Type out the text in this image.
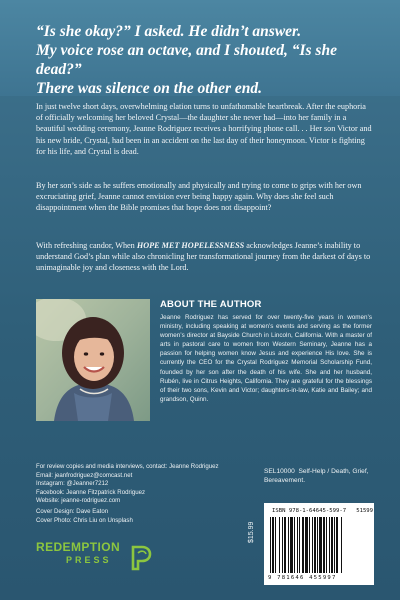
“Is she okay?” I asked. He didn’t answer.

My voice rose an octave, and I shouted, “Is she dead?”

There was silence on the other end.

In just twelve short days, overwhelming elation turns to unfathomable heartbreak. After the euphoria of officially welcoming her beloved Crystal—the daughter she never had—into her family in a beautiful wedding ceremony, Jeanne Rodriguez receives a horrifying phone call. . . Her son Victor and his new bride, Crystal, had been in an accident on the last day of their honeymoon. Victor is fighting for his life, and Crystal is dead.

By her son’s side as he suffers emotionally and physically and trying to come to grips with her own excruciating grief, Jeanne cannot envision ever being happy again. Why does she feel such disappointment when the Bible promises that hope does not disappoint?

With refreshing candor, When HOPE MET HOPELESSNESS acknowledges Jeanne’s inability to understand God’s plan while also chronicling her transformational journey from the darkest of days to unimaginable joy and closeness with the Lord.

ABOUT THE AUTHOR

Jeanne Rodriguez has served for over twenty-five years in women’s ministry, including speaking at women’s events and serving as the former women’s director at Bayside Church in Lincoln, California. With a master of arts in pastoral care to women from Western Seminary, Jeanne has a passion for helping women know Jesus and experience His love. She is currently the CEO for the Crystal Rodriguez Memorial Scholarship Fund, founded by her son after the death of his wife. She and her husband, Rubén, live in Citrus Heights, California. They are grateful for the blessings of their two sons, Kevin and Victor; daughters-in-law, Katie and Bailey; and grandson, Quinn.

For review copies and media interviews, contact: Jeanne Rodriguez
Email: jeanfrodriguez@comcast.net
Instagram: @Jeanner7212
Facebook: Jeanne Fitzpatrick Rodriguez
Website: jeanne-rodriguez.com
Cover Design: Dave Eaton
Cover Photo: Chris Liu on Unsplash
SEL10000 Self-Help / Death, Grief, Bereavement.
$15.99
ISBN 978-1-64645-599-7 51599
9 781646 455997
REDEMPTION
PRESS
